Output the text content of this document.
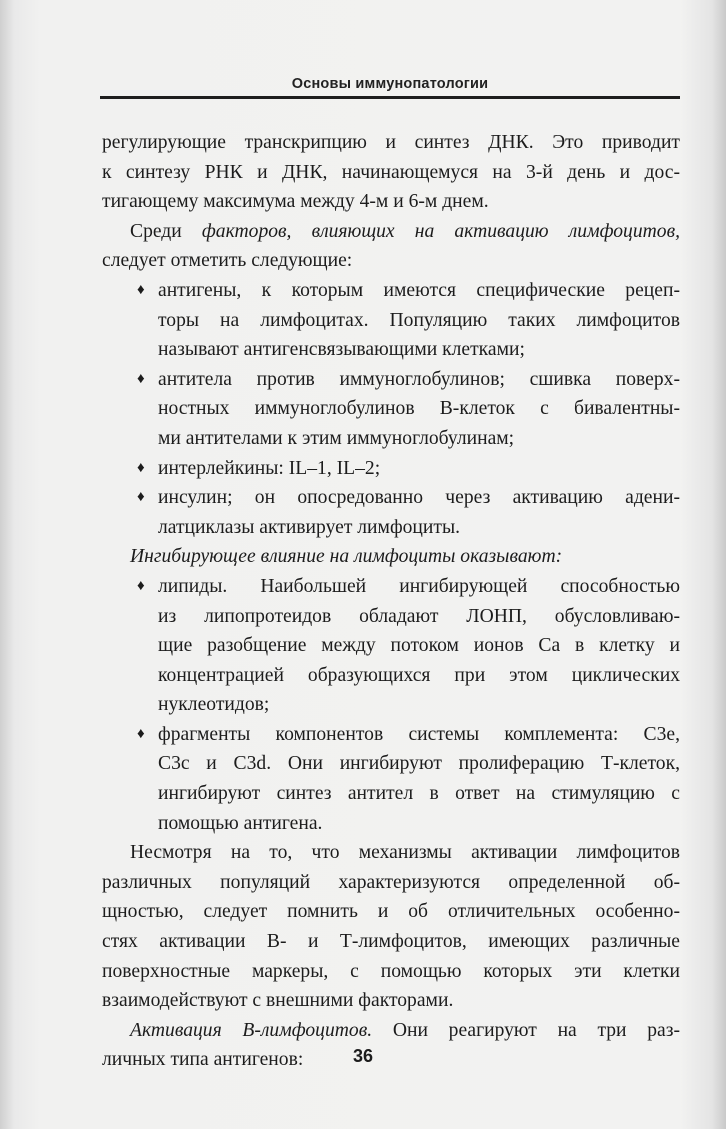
Основы иммунопатологии

регулирующие транскрипцию и синтез ДНК. Это приводит
к синтезу РНК и ДНК, начинающемуся на 3-й день и дос-
тигающему максимума между 4-м и 6-м днем.

Среди факторов, влияющих на активацию лимфоцитов,

следует отметить следующие:

♦ антигены, к которым имеются специфические рецеп-
торы на лимфоцитах. Популяцию таких лимфоцитов
называют антигенсвязывающими клетками;
♦ антитела против иммуноглобулинов; сшивка поверх-
ностных иммуноглобулинов В-клеток с бивалентны-
ми антителами к этим иммуноглобулинам;
♦ интерлейкины: IL–1, IL–2;
♦ инсулин; он опосредованно через активацию адени-
латциклазы активирует лимфоциты.

Ингибирующее влияние на лимфоциты оказывают:

♦ липиды. Наибольшей ингибирующей способностью
из липопротеидов обладают ЛОНП, обусловливаю-
щие разобщение между потоком ионов Са в клетку и
концентрацией образующихся при этом циклических
нуклеотидов;
♦ фрагменты компонентов системы комплемента: С3е,
С3с и С3d. Они ингибируют пролиферацию Т-клеток,
ингибируют синтез антител в ответ на стимуляцию с
помощью антигена.

Несмотря на то, что механизмы активации лимфоцитов
различных популяций характеризуются определенной об-
щностью, следует помнить и об отличительных особенно-
стях активации В- и Т-лимфоцитов, имеющих различные
поверхностные маркеры, с помощью которых эти клетки
взаимодействуют с внешними факторами.

Активация В-лимфоцитов. Они реагируют на три раз-

личных типа антигенов:	36
